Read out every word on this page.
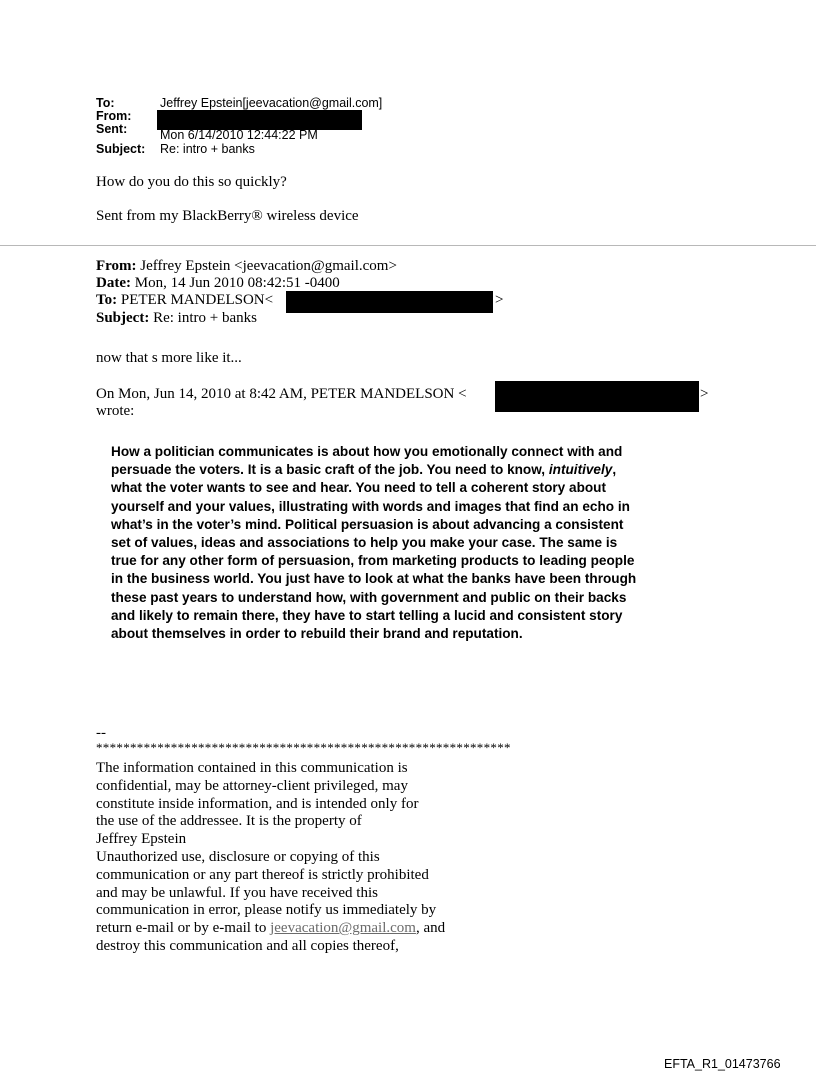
To:	Jeffrey Epstein[jeevacation@gmail.com]
From:
Sent:	Mon 6/14/2010 12:44:22 PM
Subject: Re: intro + banks
How do you do this so quickly?
Sent from my BlackBerry® wireless device
From: Jeffrey Epstein <jeevacation@gmail.com>
Date: Mon, 14 Jun 2010 08:42:51 -0400
To: PETER MANDELSON<	>
Subject: Re: intro + banks
now that s more like it...
On Mon, Jun 14, 2010 at 8:42 AM, PETER MANDELSON <	>
wrote:
How a politician communicates is about how you emotionally connect with and
persuade the voters. It is a basic craft of the job. You need to know, intuitively,
what the voter wants to see and hear. You need to tell a coherent story about
yourself and your values, illustrating with words and images that find an echo in
what’s in the voter’s mind. Political persuasion is about advancing a consistent
set of values, ideas and associations to help you make your case. The same is
true for any other form of persuasion, from marketing products to leading people
in the business world. You just have to look at what the banks have been through
these past years to understand how, with government and public on their backs
and likely to remain there, they have to start telling a lucid and consistent story
about themselves in order to rebuild their brand and reputation.
--
*************************************************************
The information contained in this communication is
confidential, may be attorney-client privileged, may
constitute inside information, and is intended only for
the use of the addressee. It is the property of
Jeffrey Epstein
Unauthorized use, disclosure or copying of this
communication or any part thereof is strictly prohibited
and may be unlawful. If you have received this
communication in error, please notify us immediately by
return e-mail or by e-mail to jeevacation@gmail.com, and
destroy this communication and all copies thereof,
EFTA_R1_01473766
